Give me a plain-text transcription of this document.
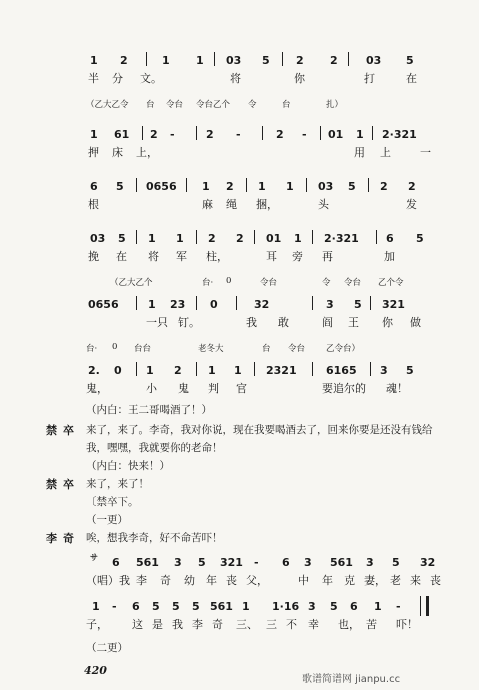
1 2	1 1 03 5 2 2	03 5
半 分 文。	将	你	打	在
（乙大乙令 台 令台 令台乙个 令	台	扎）
1 61 2 -	2 -	2 - 01 1 2·321
押 床 上，	用 上	一
6 5 0656 1 2 1 1 03 5 2 2
根	麻 绳 捆，	头	发
03 5 1 1 2 2 01 1 2·321 6 5
挽 在 将 军 柱，	耳 旁 再	加
（乙大乙个	台· 0	令台	令 令台 乙个令
0656	1 23 0	32	3 5 321
一只 钉。	我 敢	阎 王 你 做
台· 0 台台	老冬大	台 令台 乙令台）
2. 0 1 2 1 1 2321	6165 3 5
鬼，	小 鬼 判 官	要追尔的 魂！
（内白：王二哥喝酒了！）
禁卒 来了，来了。李奇，我对你说，现在我要喝酒去了，回来你要是还没有钱给
我，嘿嘿，我就要你的老命！
（内白：快来！）
禁卒 来了，来了！
〔禁卒下。
（一更）
李奇 唉，想我李奇，好不命苦吓！
サ 6 561 3 5 321 - 6 3 561 3 5 32
（唱）我 李 奇 幼 年 丧 父，	中 年 克 妻， 老 来 丧
1 - 6 5 5 5 561 1 1·16 3 5 6 1 -
子， 这 是 我 李 奇 三、 三 不 幸 也， 苦 吓！
（二更）
420
歌谱简谱网 jianpu.cc
